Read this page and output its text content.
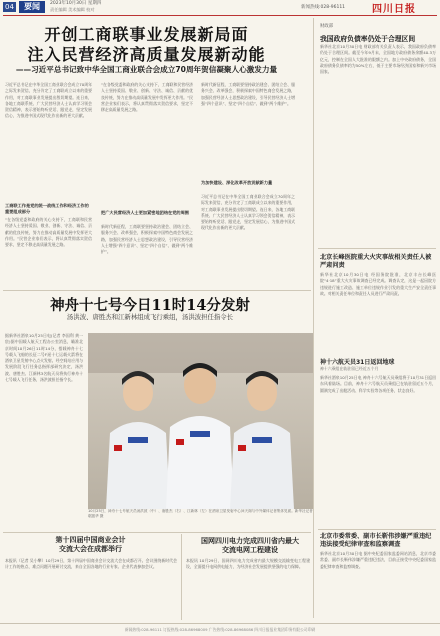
04	要闻	2023年10月30日 星期四
责任编辑 美术编辑 校对	新闻热线:028-96111	四川日报
开创工商联事业发展新局面
注入民营经济高质量发展新动能
——习近平总书记致中华全国工商业联合会成立70周年贺信凝聚人心激发力量
习近平总书记在中华全国工商业联合会成立70周年之际发来贺信，充分肯定了工商联成立以来的重要作用，对工商联事业发展提出殷切期望。连日来，各地工商联系统、广大民营经济人士认真学习领会贺信精神，表示要始终听党话、跟党走，坚定发展信心，为推进中国式现代化作出新的更大贡献。
工商联工作是党的统一战线工作和经济工作的重要组成部分
“在各级党委和政府的关心支持下，工商联和民营经济人士坚持爱国、敬业、创新、守法、诚信、贡献的优良传统，努力在推动高质量发展中发挥更大作用。”民营企业家们表示，将认真贯彻落实贺信要求，坚定不移走高质量发展之路。
“在各级党委和政府的关心支持下，工商联和民营经济人士坚持爱国、敬业、创新、守法、诚信、贡献的优良传统，努力在推动高质量发展中发挥更大作用。”民营企业家们表示，将认真贯彻落实贺信要求，坚定不移走高质量发展之路。
把广大民营经济人士更加紧密地团结在党的周围
新时代新征程，工商联要坚持政治建会、团结立会、服务兴会、改革强会，积极探索中国特色商会发展之路，加强民营经济人士思想政治建设，引导民营经济人士增强“四个意识”、坚定“四个自信”、做到“两个维护”。
新时代新征程，工商联要坚持政治建会、团结立会、服务兴会、改革强会，积极探索中国特色商会发展之路，加强民营经济人士思想政治建设，引导民营经济人士增强“四个意识”、坚定“四个自信”、做到“两个维护”。
为加快建设、深化改革开放贡献新力量
习近平总书记在中华全国工商业联合会成立70周年之际发来贺信，充分肯定了工商联成立以来的重要作用，对工商联事业发展提出殷切期望。连日来，各地工商联系统、广大民营经济人士认真学习领会贺信精神，表示要始终听党话、跟党走，坚定发展信心，为推进中国式现代化作出新的更大贡献。
财政部
我国政府负债率仍处于合理区间
新华社北京10月30日电 财政部有关负责人表示，我国政府负债率仍处于合理区间。截至今年9月末，全国地方政府债务余额40.3万亿元，控制在全国人大批准的限额之内。加上中央政府债务，全国政府债务负债率约为50%左右，低于主要市场经济国家和新兴市场国家。
北京长峰医院重大火灾事故相关责任人被严肃问责
新华社北京10月30日电 经国务院批准，北京丰台长峰医院“4·18”重大火灾事故调查已经完成。调查认定，这是一起因院方违规进行施工改造、施工单位违规作业引发的重大生产安全责任事故。对相关责任单位和责任人员进行严肃问责。
北京市委常委、副市长靳伟涉嫌严重违纪违法接受纪律审查和监察调查
新华社北京10月30日电 据中央纪委国家监委网站消息，北京市委常委、副市长靳伟涉嫌严重违纪违法，目前正接受中央纪委国家监委纪律审查和监察调查。
神舟十七号今日11时14分发射
汤洪波、唐胜杰和江新林组成飞行乘组，汤洪波担任指令长
据新华社酒泉10月25日电(记者 李国利 黄一宸)据中国载人航天工程办公室消息，瞄准北京时间10月26日11时14分，搭载神舟十七号载人飞船的长征二号F遥十七运载火箭将在酒泉卫星发射中心点火发射。经空间站应用与发展阶段飞行任务总指挥部研究决定，汤洪波、唐胜杰、江新林3名航天员将执行神舟十七号载人飞行任务，汤洪波担任指令长。
10月25日，神舟十七号航天员汤洪波（中）、唐胜杰（右）、江新林（左）在酒泉卫星发射中心问天阁与中外媒体记者集体见面。新华社记者 琚振华 摄
神十六航天员31日返回地球
神十六乘组在轨驻留已经近五个月
新华社酒泉10月25日电 神舟十六号航天员乘组将于10月31日返回东风着陆场。目前，神舟十六号航天员乘组已在轨驻留近五个月，圆满完成了出舱活动、科学实验等各项任务，状态良好。
第十四届中国商业会计
交流大会在成都举行
本报讯（记者 吴小攀）10月29日，第十四届中国商业会计交流大会在成都召开。会议围绕新时代会计工作的热点、难点问题开展研讨交流，来自全国各地的行业专家、企业代表参加会议。
国网四川电力完成四川省内最大
交流电网工程建设
本报讯 10月29日，国网四川电力完成省内最大规模交流输变电工程建设，全面提升电网供电能力，为经济社会发展提供坚强的电力保障。
新闻热线:028-96111 订报热线:028-86968009 广告热线:028-86968086 四川日报报业集团印务有限公司印刷
